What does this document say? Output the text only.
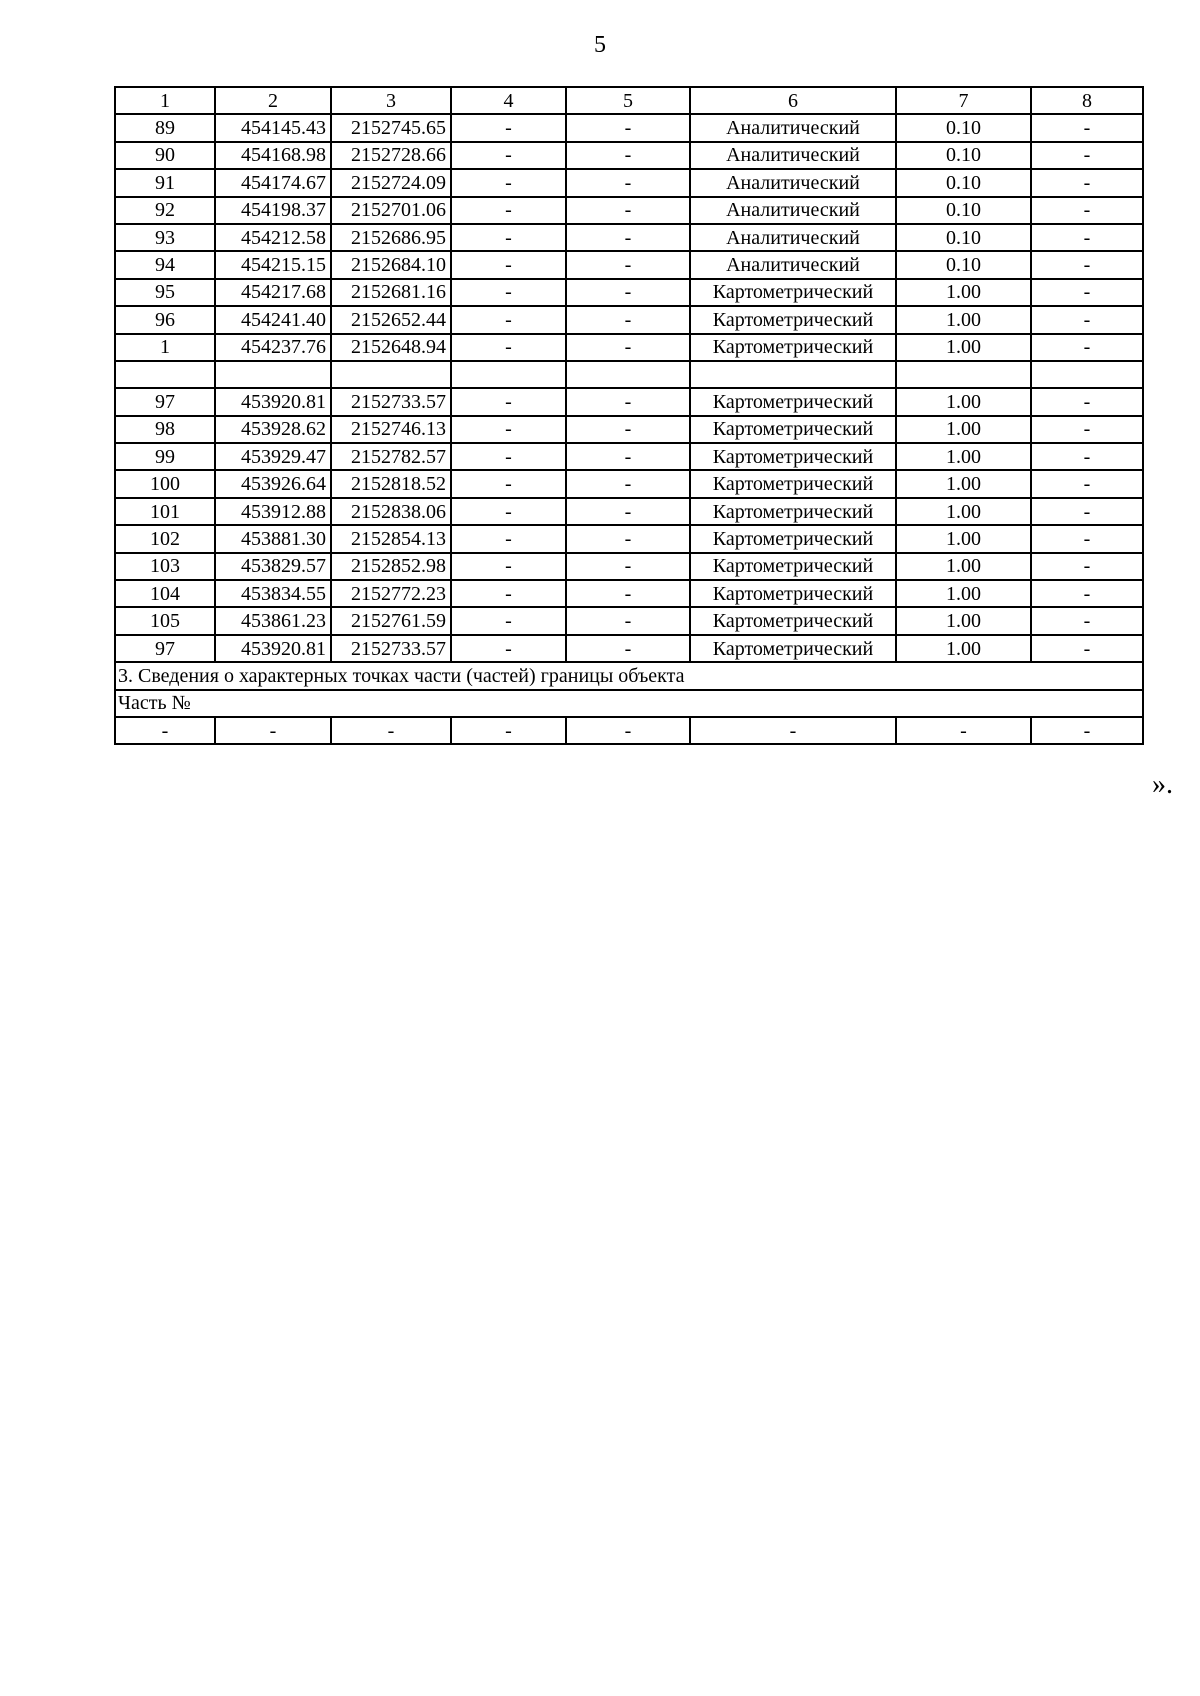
5
1	2	3	4	5	6	7	8
89	454145.43	2152745.65	-	-	Аналитический	0.10	-
90	454168.98	2152728.66	-	-	Аналитический	0.10	-
91	454174.67	2152724.09	-	-	Аналитический	0.10	-
92	454198.37	2152701.06	-	-	Аналитический	0.10	-
93	454212.58	2152686.95	-	-	Аналитический	0.10	-
94	454215.15	2152684.10	-	-	Аналитический	0.10	-
95	454217.68	2152681.16	-	-	Картометрический	1.00	-
96	454241.40	2152652.44	-	-	Картометрический	1.00	-
1	454237.76	2152648.94	-	-	Картометрический	1.00	-

97	453920.81	2152733.57	-	-	Картометрический	1.00	-
98	453928.62	2152746.13	-	-	Картометрический	1.00	-
99	453929.47	2152782.57	-	-	Картометрический	1.00	-
100	453926.64	2152818.52	-	-	Картометрический	1.00	-
101	453912.88	2152838.06	-	-	Картометрический	1.00	-
102	453881.30	2152854.13	-	-	Картометрический	1.00	-
103	453829.57	2152852.98	-	-	Картометрический	1.00	-
104	453834.55	2152772.23	-	-	Картометрический	1.00	-
105	453861.23	2152761.59	-	-	Картометрический	1.00	-
97	453920.81	2152733.57	-	-	Картометрический	1.00	-
3. Сведения о характерных точках части (частей) границы объекта							
Часть №							
-	-	-	-	-	-	-	-
».
